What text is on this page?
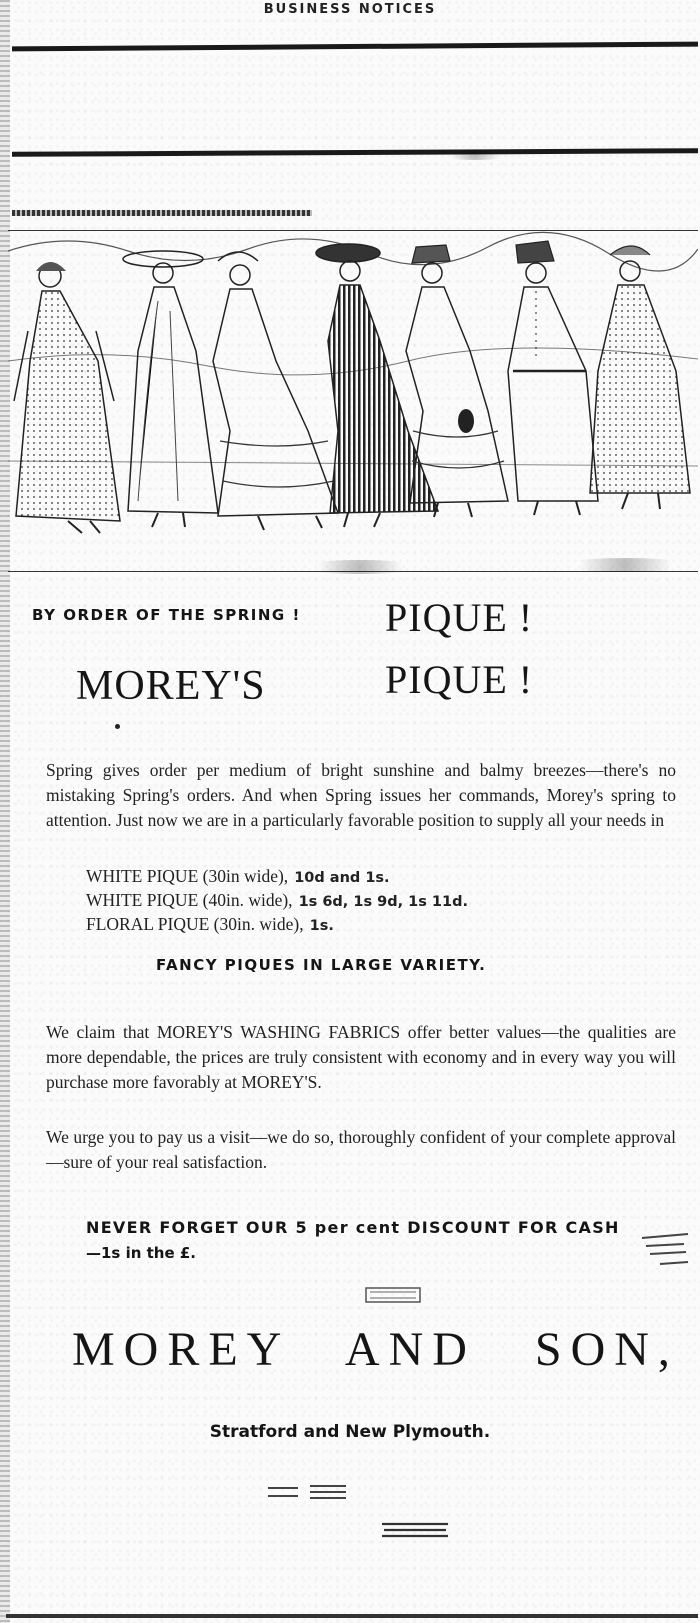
BUSINESS NOTICES
BY ORDER OF THE SPRING ! PIQUE !
MOREY'S	PIQUE !
Spring gives order per medium of bright sunshine and balmy breezes—there's no mistaking Spring's orders. And when Spring issues her commands, Morey's spring to attention. Just now we are in a particularly favorable position to supply all your needs in
WHITE PIQUE (30in wide), 10d and 1s.
WHITE PIQUE (40in. wide), 1s 6d, 1s 9d, 1s 11d.
FLORAL PIQUE (30in. wide), 1s.
FANCY PIQUES IN LARGE VARIETY.
We claim that MOREY'S WASHING FABRICS offer better values—the qualities are more dependable, the prices are truly consistent with economy and in every way you will purchase more favorably at MOREY'S.
We urge you to pay us a visit—we do so, thoroughly confident of your complete approval—sure of your real satisfaction.
NEVER FORGET OUR 5 per cent DISCOUNT FOR CASH
—1s in the £.
MOREY AND SON,
Stratford and New Plymouth.
